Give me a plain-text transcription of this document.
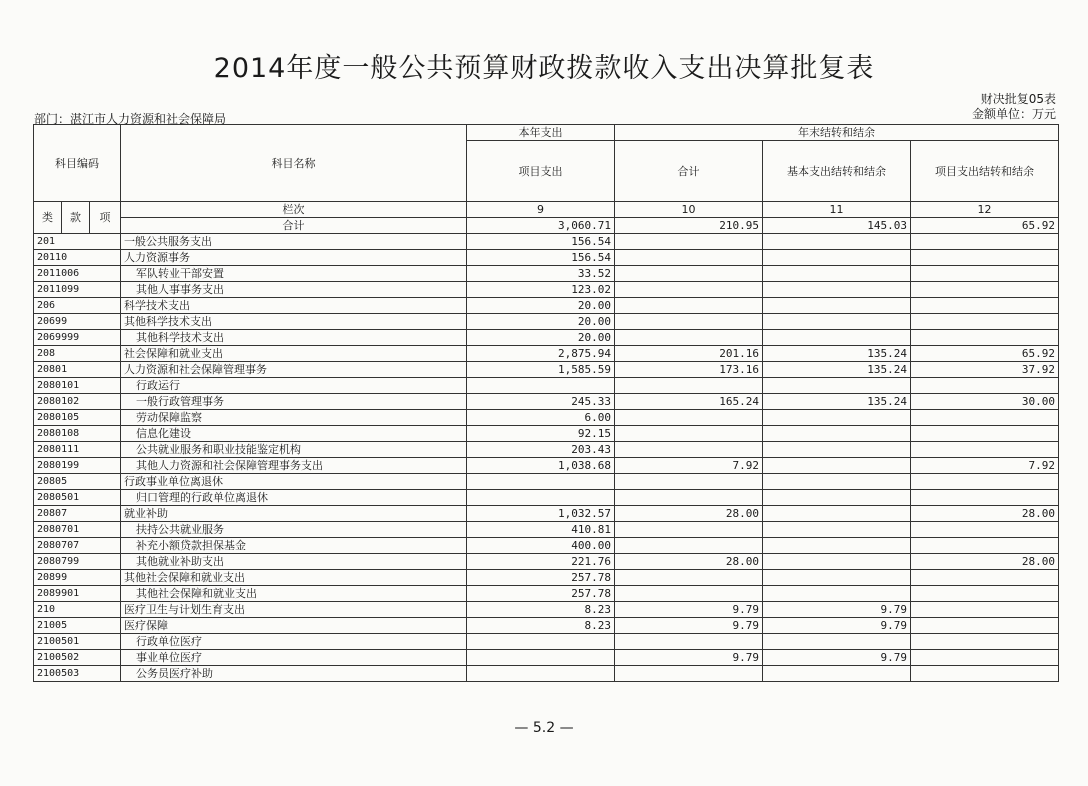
2014年度一般公共预算财政拨款收入支出决算批复表
财决批复05表
金额单位：万元
部门：湛江市人力资源和社会保障局
科目编码			科目名称	本年支出	年末结转和结余		
				项目支出	合计	基本支出结转和结余	项目支出结转和结余
类	款	项	栏次	9	10	11	12
			合计	3,060.71	210.95	145.03	65.92
201			一般公共服务支出	156.54			
20110			人力资源事务	156.54			
2011006			军队转业干部安置	33.52			
2011099			其他人事事务支出	123.02			
206			科学技术支出	20.00			
20699			其他科学技术支出	20.00			
2069999			其他科学技术支出	20.00			
208			社会保障和就业支出	2,875.94	201.16	135.24	65.92
20801			人力资源和社会保障管理事务	1,585.59	173.16	135.24	37.92
2080101			行政运行				
2080102			一般行政管理事务	245.33	165.24	135.24	30.00
2080105			劳动保障监察	6.00			
2080108			信息化建设	92.15			
2080111			公共就业服务和职业技能鉴定机构	203.43			
2080199			其他人力资源和社会保障管理事务支出	1,038.68	7.92		7.92
20805			行政事业单位离退休				
2080501			归口管理的行政单位离退休				
20807			就业补助	1,032.57	28.00		28.00
2080701			扶持公共就业服务	410.81			
2080707			补充小额贷款担保基金	400.00			
2080799			其他就业补助支出	221.76	28.00		28.00
20899			其他社会保障和就业支出	257.78			
2089901			其他社会保障和就业支出	257.78			
210			医疗卫生与计划生育支出	8.23	9.79	9.79	
21005			医疗保障	8.23	9.79	9.79	
2100501			行政单位医疗				
2100502			事业单位医疗		9.79	9.79	
2100503			公务员医疗补助				
— 5.2 —
